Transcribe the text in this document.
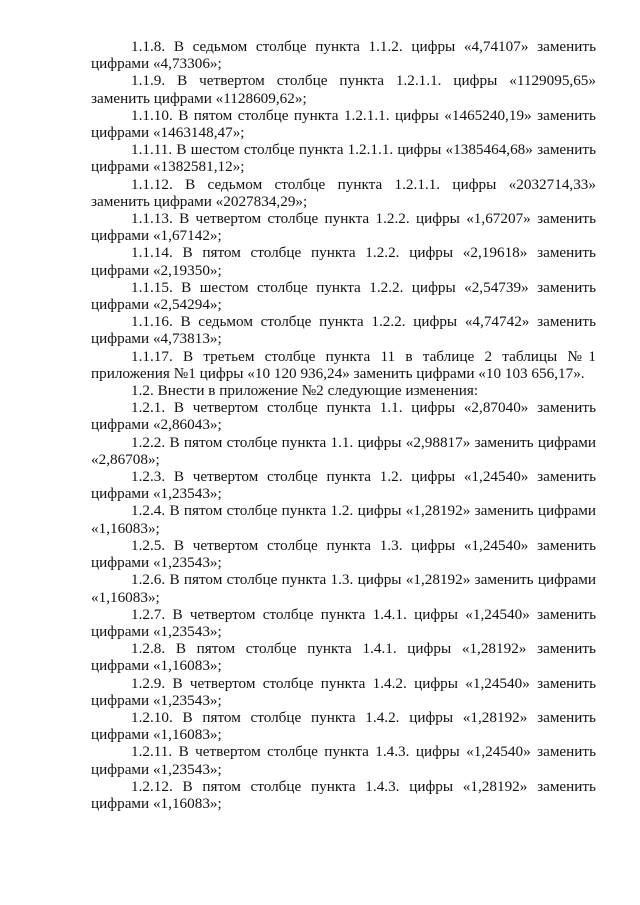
1.1.8. В седьмом столбце пункта 1.1.2. цифры «4,74107» заменить цифрами «4,73306»;

1.1.9. В четвертом столбце пункта 1.2.1.1. цифры «1129095,65» заменить цифрами «1128609,62»;

1.1.10. В пятом столбце пункта 1.2.1.1. цифры «1465240,19» заменить цифрами «1463148,47»;

1.1.11. В шестом столбце пункта 1.2.1.1. цифры «1385464,68» заменить цифрами «1382581,12»;

1.1.12. В седьмом столбце пункта 1.2.1.1. цифры «2032714,33» заменить цифрами «2027834,29»;

1.1.13. В четвертом столбце пункта 1.2.2. цифры «1,67207» заменить цифрами «1,67142»;

1.1.14. В пятом столбце пункта 1.2.2. цифры «2,19618» заменить цифрами «2,19350»;

1.1.15. В шестом столбце пункта 1.2.2. цифры «2,54739» заменить цифрами «2,54294»;

1.1.16. В седьмом столбце пункта 1.2.2. цифры «4,74742» заменить цифрами «4,73813»;

1.1.17. В третьем столбце пункта 11 в таблице 2 таблицы №1 приложения №1 цифры «10 120 936,24» заменить цифрами «10 103 656,17».

1.2. Внести в приложение №2 следующие изменения:

1.2.1. В четвертом столбце пункта 1.1. цифры «2,87040» заменить цифрами «2,86043»;

1.2.2. В пятом столбце пункта 1.1. цифры «2,98817» заменить цифрами «2,86708»;

1.2.3. В четвертом столбце пункта 1.2. цифры «1,24540» заменить цифрами «1,23543»;

1.2.4. В пятом столбце пункта 1.2. цифры «1,28192» заменить цифрами «1,16083»;

1.2.5. В четвертом столбце пункта 1.3. цифры «1,24540» заменить цифрами «1,23543»;

1.2.6. В пятом столбце пункта 1.3. цифры «1,28192» заменить цифрами «1,16083»;

1.2.7. В четвертом столбце пункта 1.4.1. цифры «1,24540» заменить цифрами «1,23543»;

1.2.8. В пятом столбце пункта 1.4.1. цифры «1,28192» заменить цифрами «1,16083»;

1.2.9. В четвертом столбце пункта 1.4.2. цифры «1,24540» заменить цифрами «1,23543»;

1.2.10. В пятом столбце пункта 1.4.2. цифры «1,28192» заменить цифрами «1,16083»;

1.2.11. В четвертом столбце пункта 1.4.3. цифры «1,24540» заменить цифрами «1,23543»;

1.2.12. В пятом столбце пункта 1.4.3. цифры «1,28192» заменить цифрами «1,16083»;
